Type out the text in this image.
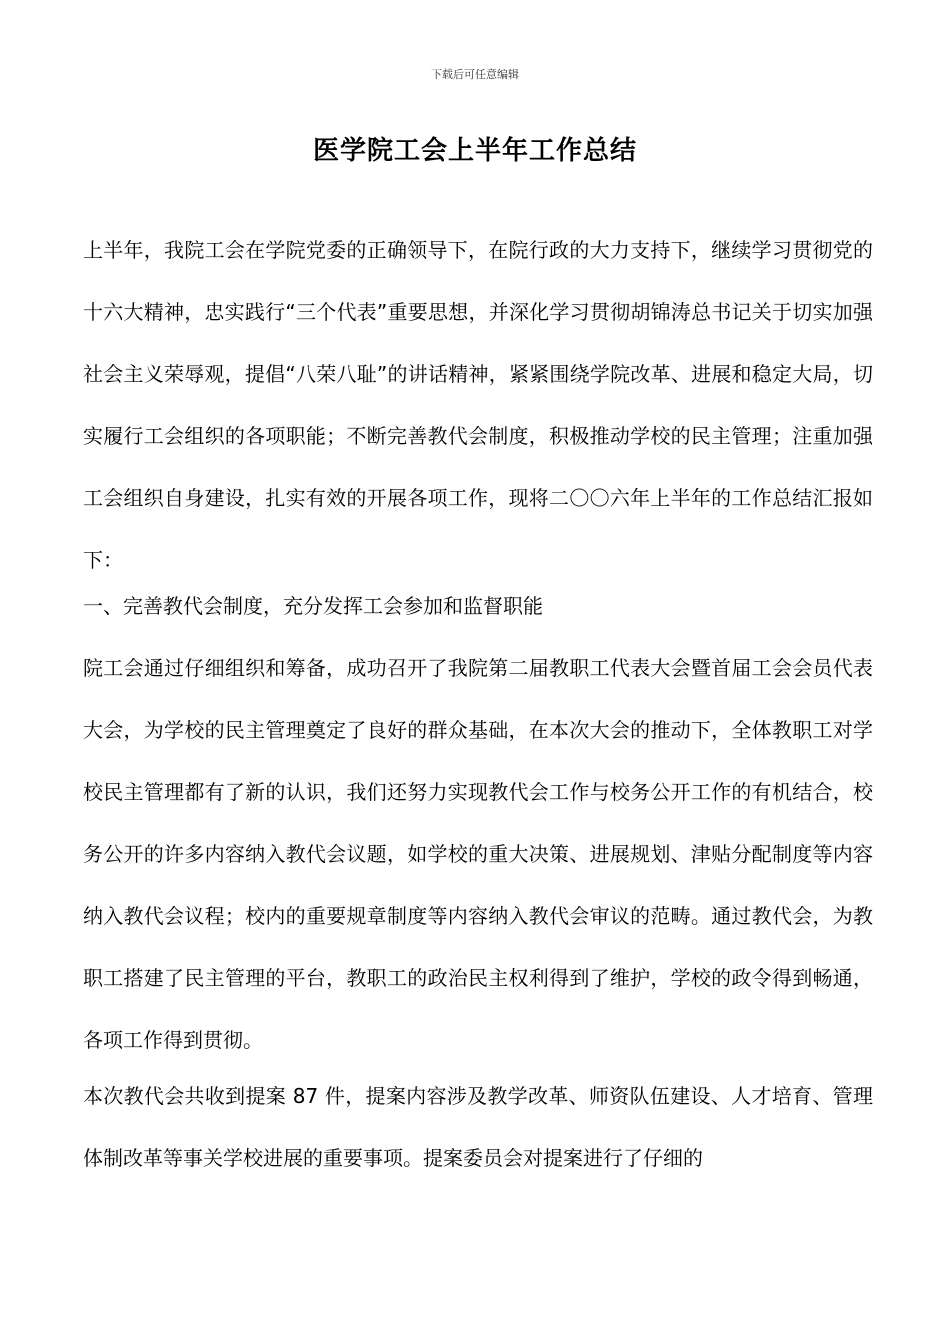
下载后可任意编辑
医学院工会上半年工作总结

上半年，我院工会在学院党委的正确领导下，在院行政的大力支持下，继续学习贯彻党的十六大精神，忠实践行“三个代表”重要思想，并深化学习贯彻胡锦涛总书记关于切实加强社会主义荣辱观，提倡“八荣八耻”的讲话精神，紧紧围绕学院改革、进展和稳定大局，切实履行工会组织的各项职能；不断完善教代会制度，积极推动学校的民主管理；注重加强工会组织自身建设，扎实有效的开展各项工作，现将二〇〇六年上半年的工作总结汇报如下：

一、完善教代会制度，充分发挥工会参加和监督职能

院工会通过仔细组织和筹备，成功召开了我院第二届教职工代表大会暨首届工会会员代表大会，为学校的民主管理奠定了良好的群众基础，在本次大会的推动下，全体教职工对学校民主管理都有了新的认识，我们还努力实现教代会工作与校务公开工作的有机结合，校务公开的许多内容纳入教代会议题，如学校的重大决策、进展规划、津贴分配制度等内容纳入教代会议程；校内的重要规章制度等内容纳入教代会审议的范畴。通过教代会，为教职工搭建了民主管理的平台，教职工的政治民主权利得到了维护，学校的政令得到畅通，各项工作得到贯彻。

本次教代会共收到提案 87 件，提案内容涉及教学改革、师资队伍建设、人才培育、管理体制改革等事关学校进展的重要事项。提案委员会对提案进行了仔细的
